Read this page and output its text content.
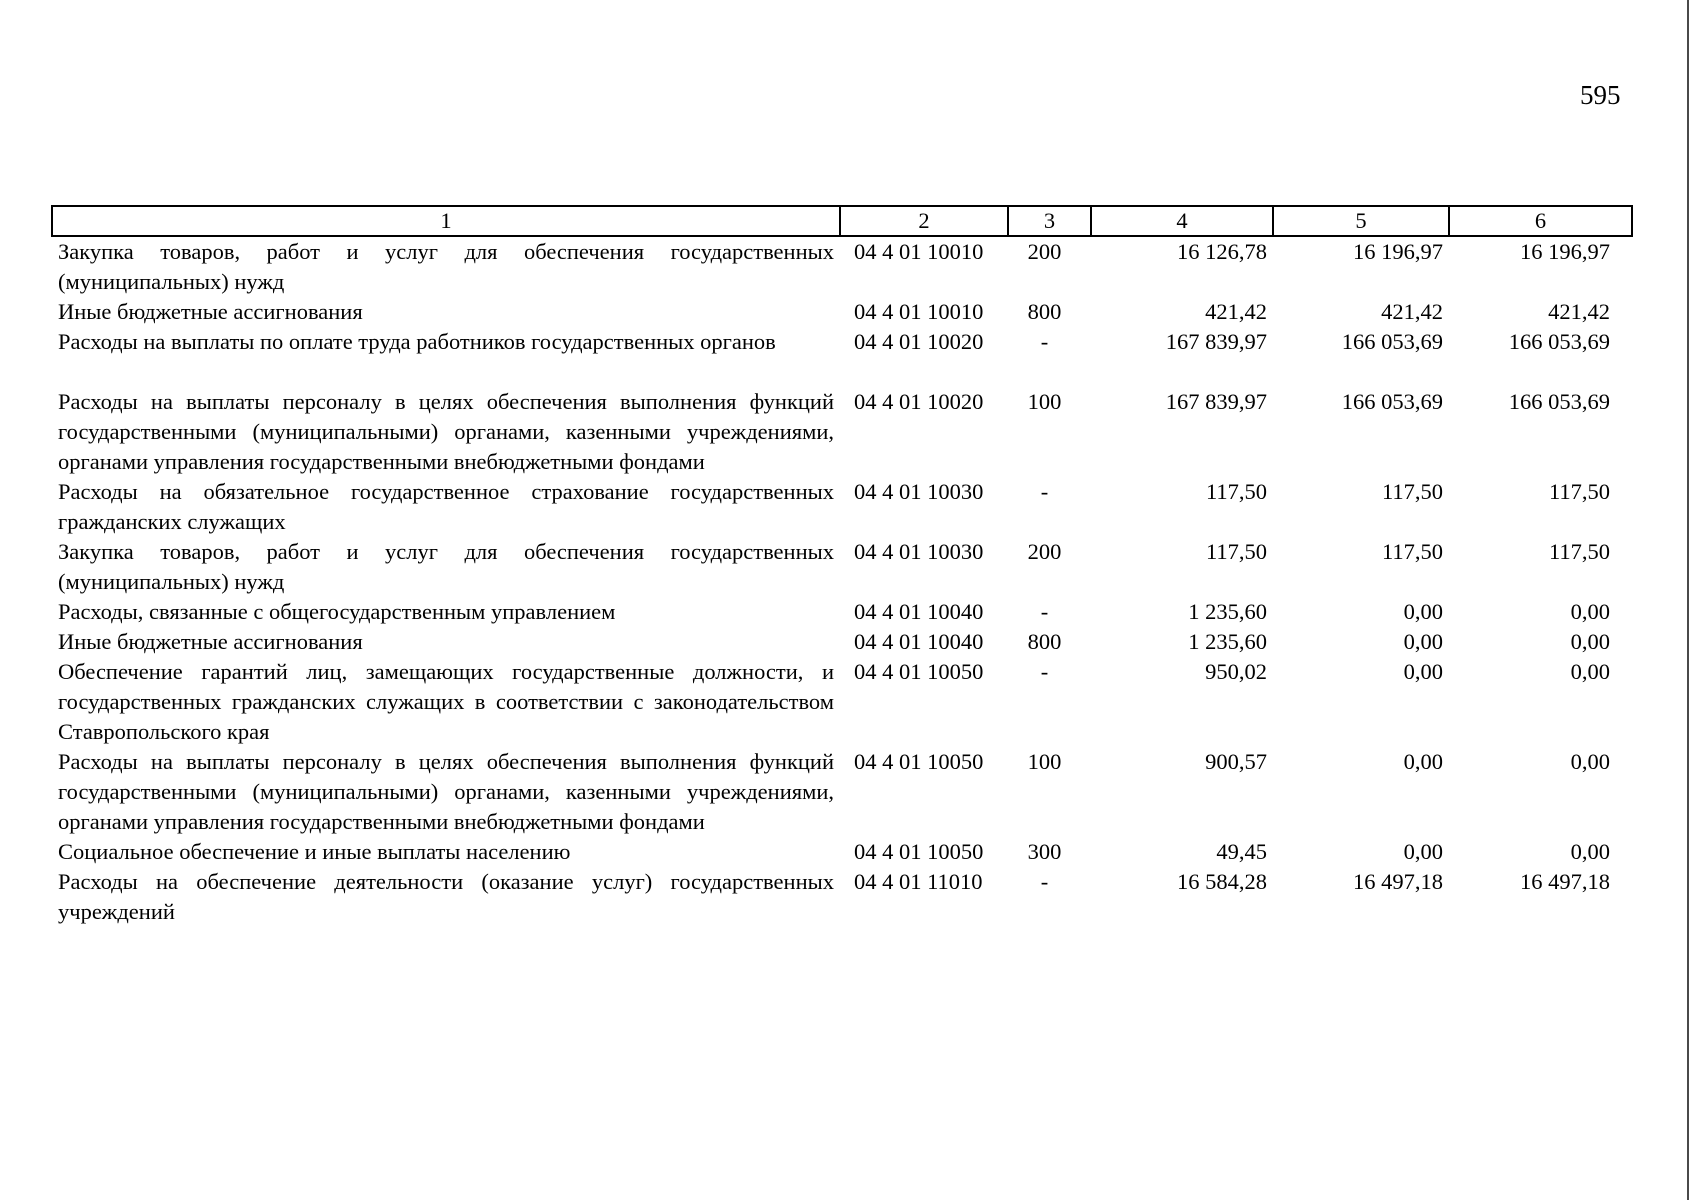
595
1	2	3	4	5	6
Закупка товаров, работ и услуг для обеспечения государственных (муниципальных) нужд	04 4 01 10010	200	16 126,78	16 196,97	16 196,97
Иные бюджетные ассигнования	04 4 01 10010	800	421,42	421,42	421,42
Расходы на выплаты по оплате труда работников государственных органов	04 4 01 10020	-	167 839,97	166 053,69	166 053,69

Расходы на выплаты персоналу в целях обеспечения выполнения функций государственными (муниципальными) органами, казенными учреждениями, органами управления государственными внебюджетными фондами	04 4 01 10020	100	167 839,97	166 053,69	166 053,69
Расходы на обязательное государственное страхование государственных гражданских служащих	04 4 01 10030	-	117,50	117,50	117,50
Закупка товаров, работ и услуг для обеспечения государственных (муниципальных) нужд	04 4 01 10030	200	117,50	117,50	117,50
Расходы, связанные с общегосударственным управлением	04 4 01 10040	-	1 235,60	0,00	0,00
Иные бюджетные ассигнования	04 4 01 10040	800	1 235,60	0,00	0,00
Обеспечение гарантий лиц, замещающих государственные должности, и государственных гражданских служащих в соответствии с законодательством Ставропольского края	04 4 01 10050	-	950,02	0,00	0,00
Расходы на выплаты персоналу в целях обеспечения выполнения функций государственными (муниципальными) органами, казенными учреждениями, органами управления государственными внебюджетными фондами	04 4 01 10050	100	900,57	0,00	0,00
Социальное обеспечение и иные выплаты населению	04 4 01 10050	300	49,45	0,00	0,00
Расходы на обеспечение деятельности (оказание услуг) государственных учреждений	04 4 01 11010	-	16 584,28	16 497,18	16 497,18
